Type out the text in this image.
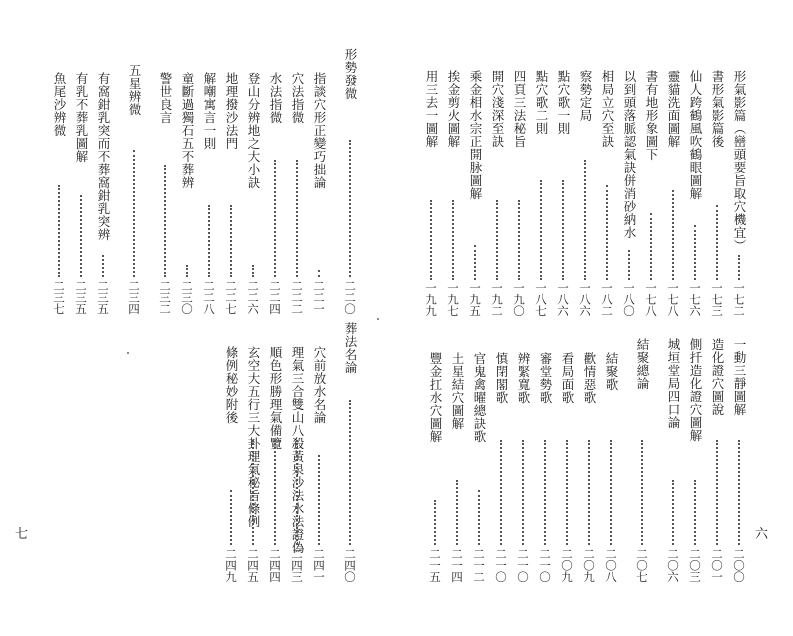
形氣影篇（巒頭要旨取穴機宜）
一七二
書形氣影篇後
一七三
仙人跨鶴風吹鶴眼圖解
一七六
靈貓洗面圖解
一七八
書有地形象圖下
一七八
以到頭落脈認氣訣併消砂納水
一八〇
相局立穴至訣
一八二
察勢定局
一八六
點穴歌一則
一八六
點穴歌二則
一八七
四頁三法秘旨
一九〇
開穴淺深至訣
一九二
乘金相水宗正開脉圖解
一九五
挨金剪火圖解
一九七
用三去一圖解
一九九
一動三靜圖解
二〇〇
造化證穴圖說
二〇一
側扦造化證穴圖解
二〇三
城垣堂局四口論
二〇六
結聚總論
二〇七
結聚歌
二〇八
歡情惡歌
二〇九
看局面歌
二〇九
審堂勢歌
二一〇
辨緊寬歌
二一〇
慎閉閣歌
二一〇
官鬼禽曜總訣歌
二一二
土星結穴圖解
二一四
豐金扛水穴圖解
二一五
形勢發微
二二〇
指談穴形正變巧拙論
二二一
穴法指微
二二二
水法指微
二二四
登山分辨地之大小訣
二二六
地理撥沙法門
二二七
解嘲寓言一則
二二八
童斷過獨石五不葬辨
二三〇
警世良言
二三二
五星辨微
二三四
有窩鉗乳突而不葬窩鉗乳突辨
二三五
有乳不葬乳圖解
二三五
魚尾沙辨微
二三七
葬法名論
二四〇
穴前放水名論
二四一
理氣三合雙山八殺黃泉沙法水法證偽
二四三
順色形勝理氣備覽
二四四
玄空大五行三大卦理氣秘旨條例
二四五
條例秘妙附後
二四九
六
七
